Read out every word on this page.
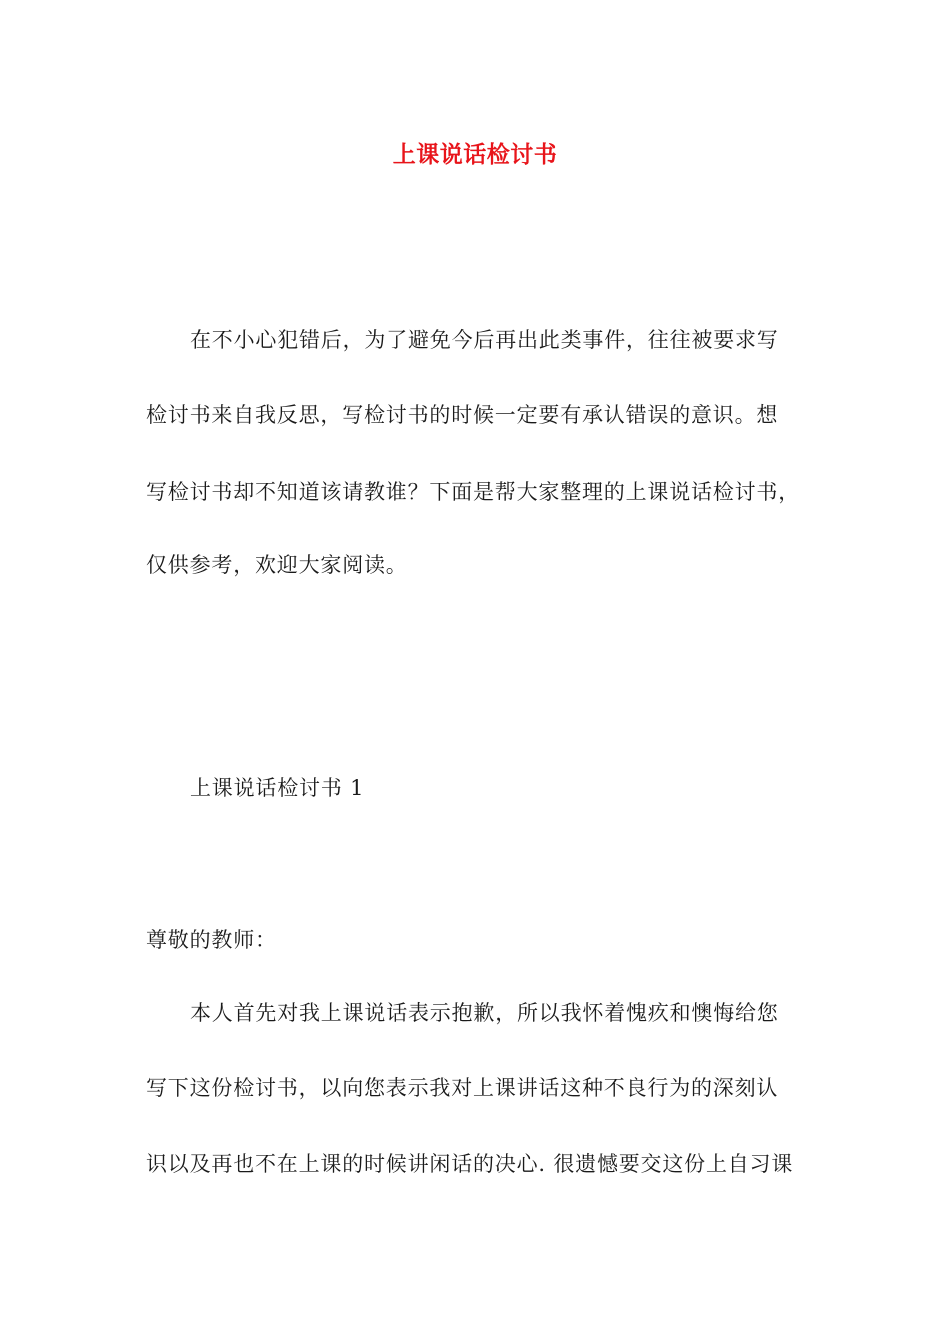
上课说话检讨书
在不小心犯错后，为了避免今后再出此类事件，往往被要求写
检讨书来自我反思，写检讨书的时候一定要有承认错误的意识。想
写检讨书却不知道该请教谁？下面是帮大家整理的上课说话检讨书，
仅供参考，欢迎大家阅读。
上课说话检讨书 1
尊敬的教师：
本人首先对我上课说话表示抱歉，所以我怀着愧疚和懊悔给您
写下这份检讨书，以向您表示我对上课讲话这种不良行为的深刻认
识以及再也不在上课的时候讲闲话的决心. 很遗憾要交这份上自习课
